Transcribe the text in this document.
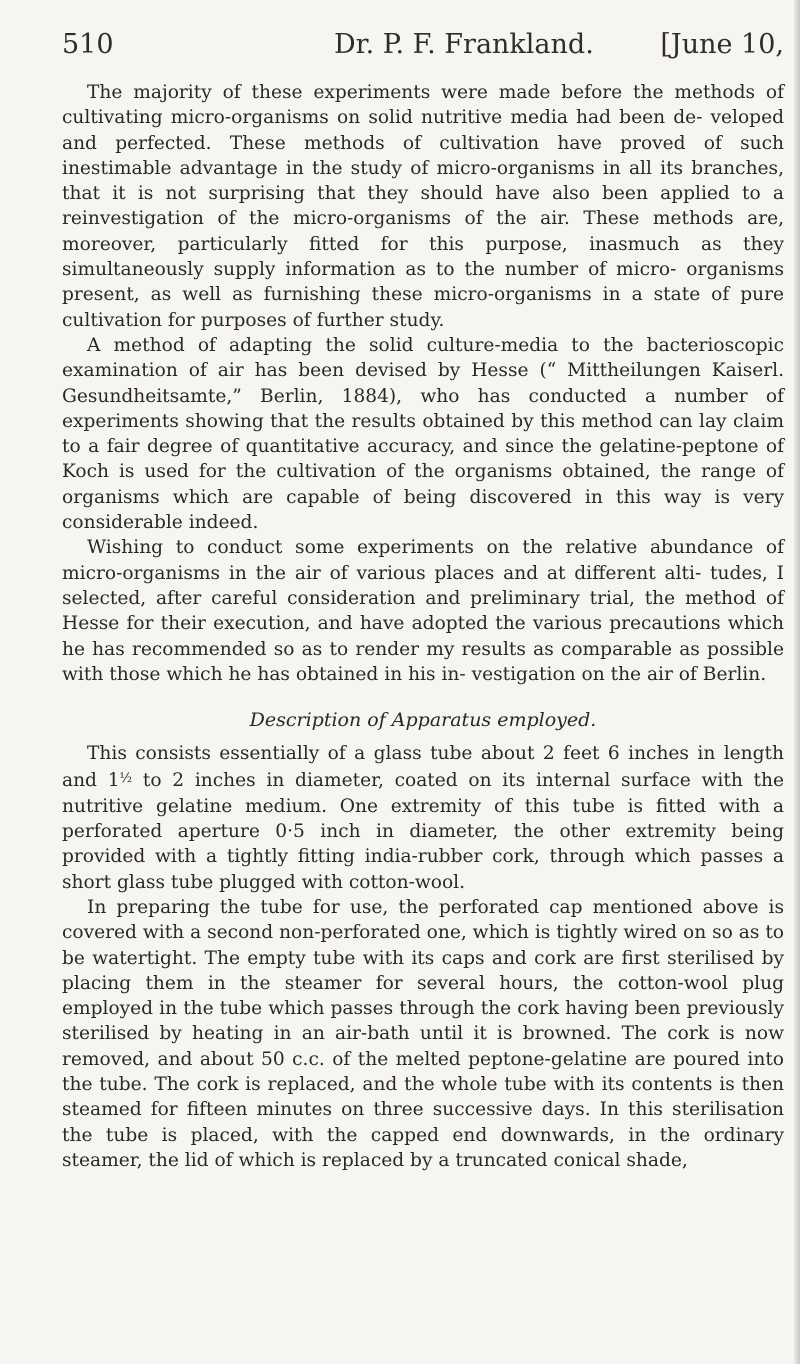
510	Dr. P. F. Frankland. [June 10,

The majority of these experiments were made before the methods of cultivating micro-organisms on solid nutritive media had been de- veloped and perfected. These methods of cultivation have proved of such inestimable advantage in the study of micro-organisms in all its branches, that it is not surprising that they should have also been applied to a reinvestigation of the micro-organisms of the air. These methods are, moreover, particularly fitted for this purpose, inasmuch as they simultaneously supply information as to the number of micro- organisms present, as well as furnishing these micro-organisms in a state of pure cultivation for purposes of further study.

A method of adapting the solid culture-media to the bacterioscopic examination of air has been devised by Hesse (“ Mittheilungen Kaiserl. Gesundheitsamte,” Berlin, 1884), who has conducted a number of experiments showing that the results obtained by this method can lay claim to a fair degree of quantitative accuracy, and since the gelatine-peptone of Koch is used for the cultivation of the organisms obtained, the range of organisms which are capable of being discovered in this way is very considerable indeed.

Wishing to conduct some experiments on the relative abundance of micro-organisms in the air of various places and at different alti- tudes, I selected, after careful consideration and preliminary trial, the method of Hesse for their execution, and have adopted the various precautions which he has recommended so as to render my results as comparable as possible with those which he has obtained in his in- vestigation on the air of Berlin.

Description of Apparatus employed.

This consists essentially of a glass tube about 2 feet 6 inches in length and $1^{\frac{1}{2}}$ to 2 inches in diameter, coated on its internal surface with the nutritive gelatine medium. One extremity of this tube is fitted with a perforated aperture 0·5 inch in diameter, the other extremity being provided with a tightly fitting india-rubber cork, through which passes a short glass tube plugged with cotton-wool.

In preparing the tube for use, the perforated cap mentioned above is covered with a second non-perforated one, which is tightly wired on so as to be watertight. The empty tube with its caps and cork are first sterilised by placing them in the steamer for several hours, the cotton-wool plug employed in the tube which passes through the cork having been previously sterilised by heating in an air-bath until it is browned. The cork is now removed, and about 50 c.c. of the melted peptone-gelatine are poured into the tube. The cork is replaced, and the whole tube with its contents is then steamed for fifteen minutes on three successive days. In this sterilisation the tube is placed, with the capped end downwards, in the ordinary steamer, the lid of which is replaced by a truncated conical shade,
